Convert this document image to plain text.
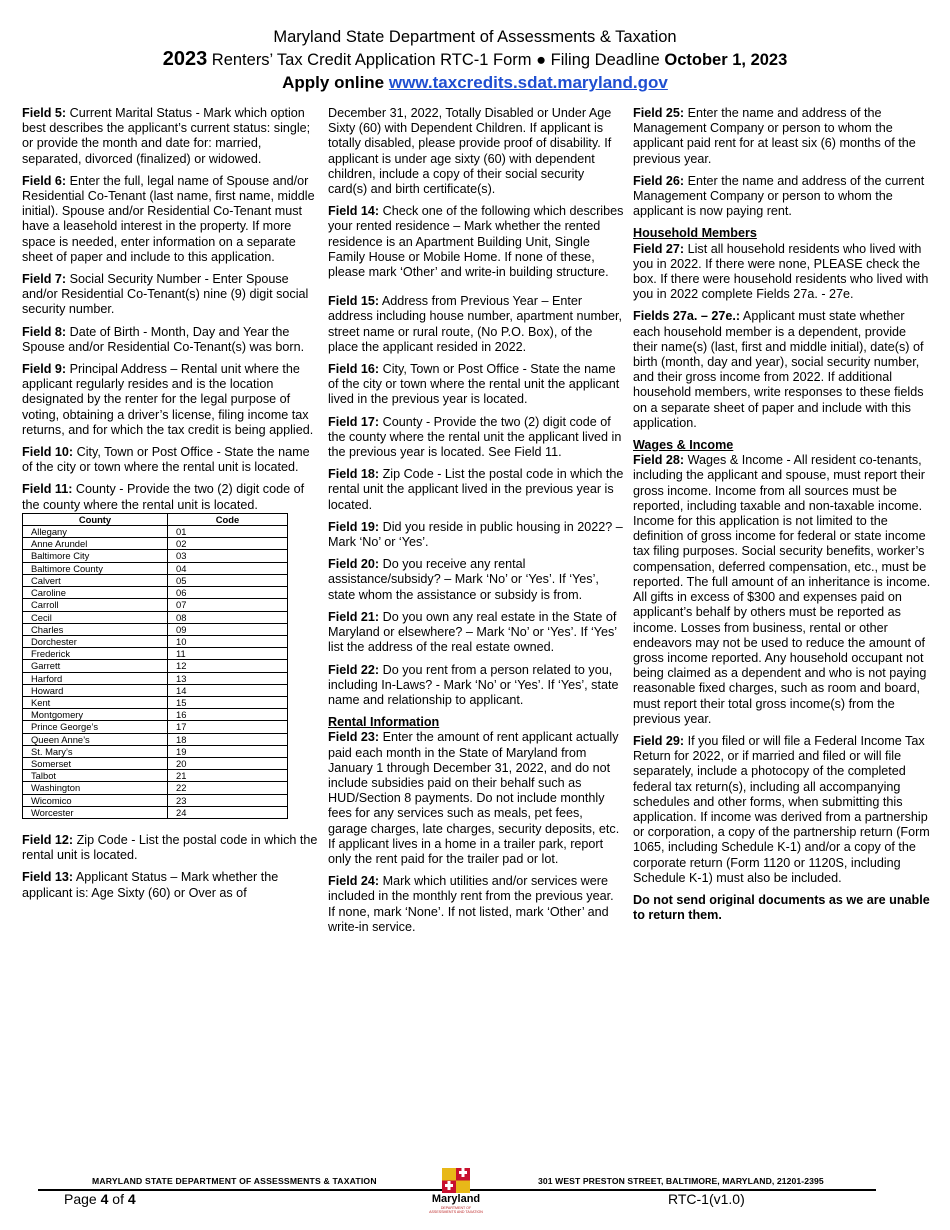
Maryland State Department of Assessments & Taxation
2023 Renters’ Tax Credit Application RTC-1 Form ● Filing Deadline October 1, 2023
Apply online www.taxcredits.sdat.maryland.gov

Field 5: Current Marital Status - Mark which option best describes the applicant’s current status: single; or provide the month and date for: married, separated, divorced (finalized) or widowed.

Field 6: Enter the full, legal name of Spouse and/or Residential Co-Tenant (last name, first name, middle initial). Spouse and/or Residential Co-Tenant must have a leasehold interest in the property. If more space is needed, enter information on a separate sheet of paper and include to this application.

Field 7: Social Security Number - Enter Spouse and/or Residential Co-Tenant(s) nine (9) digit social security number.

Field 8: Date of Birth - Month, Day and Year the Spouse and/or Residential Co-Tenant(s) was born.

Field 9: Principal Address – Rental unit where the applicant regularly resides and is the location designated by the renter for the legal purpose of voting, obtaining a driver’s license, filing income tax returns, and for which the tax credit is being applied.

Field 10: City, Town or Post Office - State the name of the city or town where the rental unit is located.

Field 11: County - Provide the two (2) digit code of the county where the rental unit is located.

County	Code
Allegany	01
Anne Arundel	02
Baltimore City	03
Baltimore County	04
Calvert	05
Caroline	06
Carroll	07
Cecil	08
Charles	09
Dorchester	10
Frederick	11
Garrett	12
Harford	13
Howard	14
Kent	15
Montgomery	16
Prince George’s	17
Queen Anne’s	18
St. Mary’s	19
Somerset	20
Talbot	21
Washington	22
Wicomico	23
Worcester	24

Field 12: Zip Code - List the postal code in which the rental unit is located.

Field 13: Applicant Status – Mark whether the applicant is: Age Sixty (60) or Over as of

December 31, 2022, Totally Disabled or Under Age Sixty (60) with Dependent Children. If applicant is totally disabled, please provide proof of disability. If applicant is under age sixty (60) with dependent children, include a copy of their social security card(s) and birth certificate(s).

Field 14: Check one of the following which describes your rented residence – Mark whether the rented residence is an Apartment Building Unit, Single Family House or Mobile Home. If none of these, please mark ‘Other’ and write-in building structure.

Field 15: Address from Previous Year – Enter address including house number, apartment number, street name or rural route, (No P.O. Box), of the place the applicant resided in 2022.

Field 16: City, Town or Post Office - State the name of the city or town where the rental unit the applicant lived in the previous year is located.

Field 17: County - Provide the two (2) digit code of the county where the rental unit the applicant lived in the previous year is located. See Field 11.

Field 18: Zip Code - List the postal code in which the rental unit the applicant lived in the previous year is located.

Field 19: Did you reside in public housing in 2022? – Mark ‘No’ or ‘Yes’.

Field 20: Do you receive any rental assistance/subsidy? – Mark ‘No’ or ‘Yes’. If ‘Yes’, state whom the assistance or subsidy is from.

Field 21: Do you own any real estate in the State of Maryland or elsewhere? – Mark ‘No’ or ‘Yes’. If ‘Yes’ list the address of the real estate owned.

Field 22: Do you rent from a person related to you, including In-Laws? - Mark ‘No’ or ‘Yes’. If ‘Yes’, state name and relationship to applicant.

Rental Information
Field 23: Enter the amount of rent applicant actually paid each month in the State of Maryland from January 1 through December 31, 2022, and do not include subsidies paid on their behalf such as HUD/Section 8 payments. Do not include monthly fees for any services such as meals, pet fees, garage charges, late charges, security deposits, etc. If applicant lives in a home in a trailer park, report only the rent paid for the trailer pad or lot.

Field 24: Mark which utilities and/or services were included in the monthly rent from the previous year. If none, mark ‘None’. If not listed, mark ‘Other’ and write-in service.

Field 25: Enter the name and address of the Management Company or person to whom the applicant paid rent for at least six (6) months of the previous year.

Field 26: Enter the name and address of the current Management Company or person to whom the applicant is now paying rent.

Household Members
Field 27: List all household residents who lived with you in 2022. If there were none, PLEASE check the box. If there were household residents who lived with you in 2022 complete Fields 27a. - 27e.

Fields 27a. – 27e.: Applicant must state whether each household member is a dependent, provide their name(s) (last, first and middle initial), date(s) of birth (month, day and year), social security number, and their gross income from 2022. If additional household members, write responses to these fields on a separate sheet of paper and include with this application.

Wages & Income
Field 28: Wages & Income - All resident co-tenants, including the applicant and spouse, must report their gross income. Income from all sources must be reported, including taxable and non-taxable income. Income for this application is not limited to the definition of gross income for federal or state income tax filing purposes. Social security benefits, worker’s compensation, deferred compensation, etc., must be reported. The full amount of an inheritance is income. All gifts in excess of $300 and expenses paid on applicant’s behalf by others must be reported as income. Losses from business, rental or other endeavors may not be used to reduce the amount of gross income reported. Any household occupant not being claimed as a dependent and who is not paying reasonable fixed charges, such as room and board, must report their total gross income(s) from the previous year.

Field 29: If you filed or will file a Federal Income Tax Return for 2022, or if married and filed or will file separately, include a photocopy of the completed federal tax return(s), including all accompanying schedules and other forms, when submitting this application. If income was derived from a partnership or corporation, a copy of the partnership return (Form 1065, including Schedule K-1) and/or a copy of the corporate return (Form 1120 or 1120S, including Schedule K-1) must also be included.

Do not send original documents as we are unable to return them.

MARYLAND STATE DEPARTMENT OF ASSESSMENTS & TAXATION	301 WEST PRESTON STREET, BALTIMORE, MARYLAND, 21201-2395
Page 4 of 4	RTC-1(v1.0)
Maryland
DEPARTMENT OF ASSESSMENTS AND TAXATION
